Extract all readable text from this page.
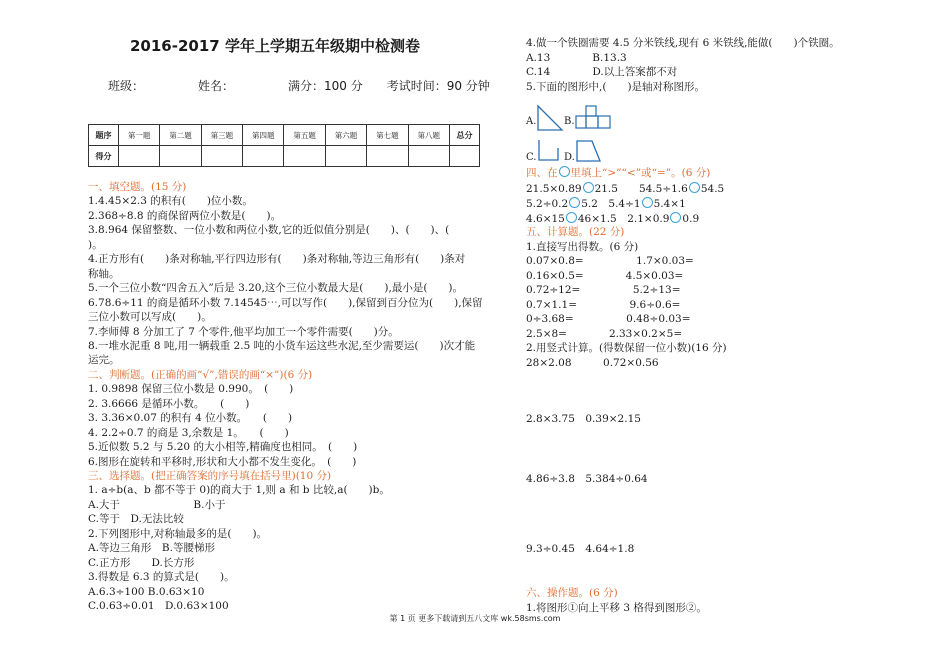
2016-2017 学年上学期五年级期中检测卷
班级：　　　　　姓名：　　　　　满分：100 分　　考试时间：90 分钟
题序	第一题	第二题	第三题	第四题	第五题	第六题	第七题	第八题	总分
得分									
一、填空题。(15 分)
1.4.45×2.3 的积有(　　)位小数。
2.368÷8.8 的商保留两位小数是(　　)。
3.8.964 保留整数、一位小数和两位小数,它的近似值分别是(　　)、(　　)、(
)。
4.正方形有(　　)条对称轴,平行四边形有(　　)条对称轴,等边三角形有(　　)条对
称轴。
5.一个三位小数“四舍五入”后是 3.20,这个三位小数最大是(　　),最小是(　　)。
6.78.6÷11 的商是循环小数 7.14545⋯,可以写作(　　),保留到百分位为(　　),保留
三位小数可以写成(　　)。
7.李师傅 8 分加工了 7 个零件,他平均加工一个零件需要(　　)分。
8.一堆水泥重 8 吨,用一辆载重 2.5 吨的小货车运这些水泥,至少需要运(　　)次才能
运完。
二、判断题。(正确的画“√”,错误的画“×”)(6 分)
1. 0.9898 保留三位小数是 0.990。　(　　)
2. 3.6666 是循环小数。　　(　　)
3. 3.36×0.07 的积有 4 位小数。　　(　　)
4. 2.2÷0.7 的商是 3,余数是 1。　　(　　)
5.近似数 5.2 与 5.20 的大小相等,精确度也相同。　(　　)
6.图形在旋转和平移时,形状和大小都不发生变化。　(　　)
三、选择题。(把正确答案的序号填在括号里)(10 分)
1. a÷b(a、b 都不等于 0)的商大于 1,则 a 和 b 比较,a(　　)b。
A.大于　　　　　　　B.小于
C.等于　D.无法比较
2.下列图形中,对称轴最多的是(　　)。
A.等边三角形　B.等腰梯形
C.正方形　　D.长方形
3.得数是 6.3 的算式是(　　)。
A.6.3÷100 B.0.63×10
C.0.63÷0.01　D.0.63×100
4.做一个铁圈需要 4.5 分米铁线,现有 6 米铁线,能做(　　)个铁圈。
A.13　　　　B.13.3
C.14　　　　D.以上答案都不对
5.下面的图形中,(　　)是轴对称图形。
A.	B.
C.	D.
四、在 里填上“>”“<”或“=”。(6 分)
21.5×0.89 21.5　　54.5÷1.6 54.5
5.2÷0.2 5.2　5.4÷1 5.4×1
4.6×15 46×1.5　2.1×0.9 0.9
五、计算题。(22 分)
1.直接写出得数。(6 分)
0.07×0.8=　　　　　1.7×0.03=
0.16×0.5=　　　　4.5×0.03=
0.72÷12=　　　　　5.2÷13=
0.7×1.1=　　　　　9.6÷0.6=
0÷3.68=　　　　　0.48÷0.03=
2.5×8=　　　　2.33×0.2×5=
2.用竖式计算。(得数保留一位小数)(16 分)
28×2.08　　　0.72×0.56
2.8×3.75　0.39×2.15
4.86÷3.8　5.384÷0.64
9.3÷0.45　4.64÷1.8
六、操作题。(6 分)
1.将图形①向上平移 3 格得到图形②。
第 1 页 更多下载请到五八文库 wk.58sms.com
